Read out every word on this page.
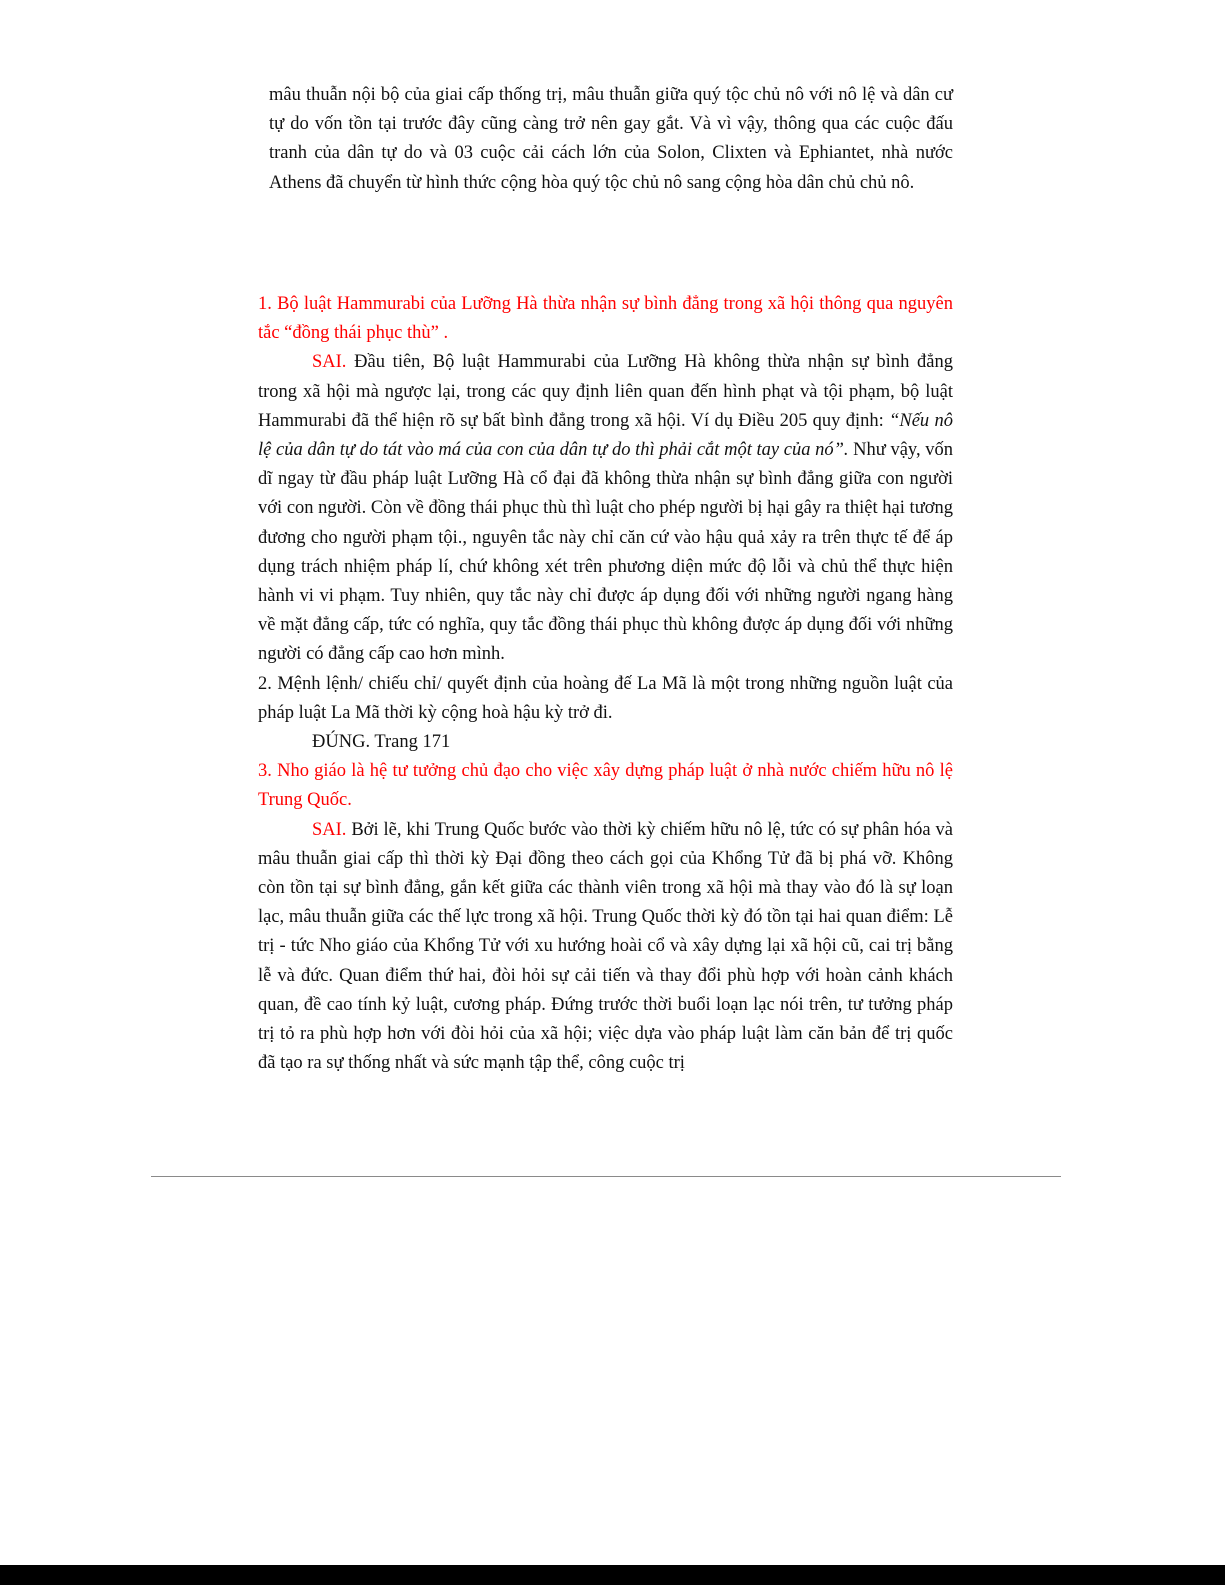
mâu thuẫn nội bộ của giai cấp thống trị, mâu thuẫn giữa quý tộc chủ nô với nô lệ và dân cư tự do vốn tồn tại trước đây cũng càng trở nên gay gắt. Và vì vậy, thông qua các cuộc đấu tranh của dân tự do và 03 cuộc cải cách lớn của Solon, Clixten và Ephiantet, nhà nước Athens đã chuyển từ hình thức cộng hòa quý tộc chủ nô sang cộng hòa dân chủ chủ nô.

1. Bộ luật Hammurabi của Lưỡng Hà thừa nhận sự bình đẳng trong xã hội thông qua nguyên tắc “đồng thái phục thù” .

SAI. Đầu tiên, Bộ luật Hammurabi của Lưỡng Hà không thừa nhận sự bình đẳng trong xã hội mà ngược lại, trong các quy định liên quan đến hình phạt và tội phạm, bộ luật Hammurabi đã thể hiện rõ sự bất bình đẳng trong xã hội. Ví dụ Điều 205 quy định: “Nếu nô lệ của dân tự do tát vào má của con của dân tự do thì phải cắt một tay của nó”. Như vậy, vốn dĩ ngay từ đầu pháp luật Lưỡng Hà cổ đại đã không thừa nhận sự bình đẳng giữa con người với con người. Còn về đồng thái phục thù thì luật cho phép người bị hại gây ra thiệt hại tương đương cho người phạm tội., nguyên tắc này chỉ căn cứ vào hậu quả xảy ra trên thực tế để áp dụng trách nhiệm pháp lí, chứ không xét trên phương diện mức độ lỗi và chủ thể thực hiện hành vi vi phạm. Tuy nhiên, quy tắc này chỉ được áp dụng đối với những người ngang hàng về mặt đẳng cấp, tức có nghĩa, quy tắc đồng thái phục thù không được áp dụng đối với những người có đẳng cấp cao hơn mình.

2. Mệnh lệnh/ chiếu chỉ/ quyết định của hoàng đế La Mã là một trong những nguồn luật của pháp luật La Mã thời kỳ cộng hoà hậu kỳ trở đi.

ĐÚNG. Trang 171

3. Nho giáo là hệ tư tưởng chủ đạo cho việc xây dựng pháp luật ở nhà nước chiếm hữu nô lệ Trung Quốc.

SAI. Bởi lẽ, khi Trung Quốc bước vào thời kỳ chiếm hữu nô lệ, tức có sự phân hóa và mâu thuẫn giai cấp thì thời kỳ Đại đồng theo cách gọi của Khổng Tử đã bị phá vỡ. Không còn tồn tại sự bình đẳng, gắn kết giữa các thành viên trong xã hội mà thay vào đó là sự loạn lạc, mâu thuẫn giữa các thế lực trong xã hội. Trung Quốc thời kỳ đó tồn tại hai quan điểm: Lễ trị - tức Nho giáo của Khổng Tử với xu hướng hoài cổ và xây dựng lại xã hội cũ, cai trị bằng lễ và đức. Quan điểm thứ hai, đòi hỏi sự cải tiến và thay đổi phù hợp với hoàn cảnh khách quan, đề cao tính kỷ luật, cương pháp. Đứng trước thời buổi loạn lạc nói trên, tư tưởng pháp trị tỏ ra phù hợp hơn với đòi hỏi của xã hội; việc dựa vào pháp luật làm căn bản để trị quốc đã tạo ra sự thống nhất và sức mạnh tập thể, công cuộc trị
